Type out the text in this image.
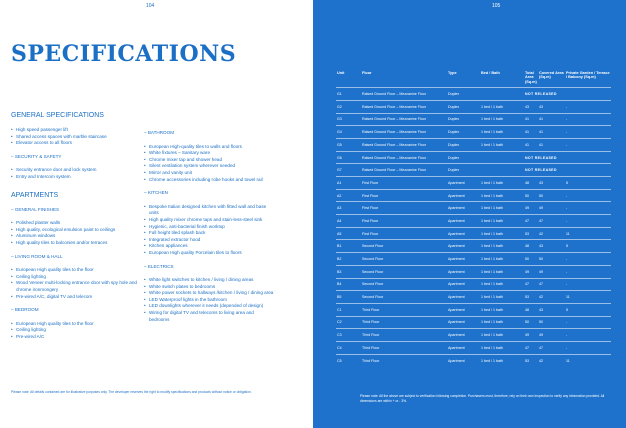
104
SPECIFICATIONS
GENERAL SPECIFICATIONS
• High speed passenger lift
• Shared access spaces with marble staircase
• Elevator access to all floors
– SECURITY & SAFETY
• Security entrance door and lock system
• Entry and Intercom system
APARTMENTS
– GENERAL FINISHES
• Polished plaster walls
• High quality, ecological emulsion paint to ceilings
• Aluminum windows
• High quality tiles to balconies and/or terraces
– LIVING ROOM & HALL
• European High quality tiles to the floor
• Ceiling lighting
• Wood Veneer multi-locking entrance door with spy hole and chrome ironmongery
• Pre-wired A/C, digital TV and telecom
– BEDROOM
• European High quality tiles to the floor
• Ceiling lighting
• Pre-wired A/C
– BATHROOM
• European High-quality tiles to walls and floors
• White fixtures – Sanitary ware
• Chrome mixer tap and shower head
• Silent ventilation system wherever needed
• Mirror and vanity unit
• Chrome accessories including robe hooks and towel rail
– KITCHEN
• Bespoke Italian designed kitchen with fitted wall and base units
• High quality mixer chrome taps and stain-less-steel sink
• Hygienic, anti-bacterial finish worktop
• Full height tiled splash back
• Integrated extractor hood
• Kitchen appliances
• European High quality Porcelain tiles to floors
– ELECTRICS
• White light switches to kitchen / living / dining areas
• White switch plates to bedrooms
• White power sockets to hallways /kitchen / living / dining area
• LED Waterproof lights in the bathroom
• LED downlights wherever it needs (depended of design)
• Wiring for digital TV and telecoms to living area and bedrooms
Please note: All details contained are for illustrative purposes only. The developer reserves the right to modify specifications and products without notice or obligation.
105
Unit	Floor	Type	Bed / Bath	Total Area (Sq.m)	Covered Area (Sq.m)	Private Garden / Terrace / Balcony (Sq.m)
G1	Raised Ground Floor – Mezzanine Floor	Duplex		NOT RELEASED		
G2	Raised Ground Floor – Mezzanine Floor	Duplex	1 bed / 1 bath	43	43	-
G3	Raised Ground Floor – Mezzanine Floor	Duplex	1 bed / 1 bath	41	41	-
G4	Raised Ground Floor – Mezzanine Floor	Duplex	1 bed / 1 bath	41	41	-
G5	Raised Ground Floor – Mezzanine Floor	Duplex	1 bed / 1 bath	41	41	-
G6	Raised Ground Floor – Mezzanine Floor	Duplex		NOT RELEASED		
G7	Raised Ground Floor – Mezzanine Floor	Duplex		NOT RELEASED		
A1	First Floor	Apartment	1 bed / 1 bath	48	43	5
A2	First Floor	Apartment	1 bed / 1 bath	50	50	-
A3	First Floor	Apartment	1 bed / 1 bath	49	49	-
A4	First Floor	Apartment	1 bed / 1 bath	47	47	-
A5	First Floor	Apartment	1 bed / 1 bath	53	42	11
B1	Second Floor	Apartment	1 bed / 1 bath	48	43	5
B2	Second Floor	Apartment	1 bed / 1 bath	50	50	-
B3	Second Floor	Apartment	1 bed / 1 bath	49	49	-
B4	Second Floor	Apartment	1 bed / 1 bath	47	47	-
B5	Second Floor	Apartment	1 bed / 1 bath	53	42	11
C1	Third Floor	Apartment	1 bed / 1 bath	48	43	5
C2	Third Floor	Apartment	1 bed / 1 bath	50	50	-
C3	Third Floor	Apartment	1 bed / 1 bath	49	49	-
C4	Third Floor	Apartment	1 bed / 1 bath	47	47	-
C5	Third Floor	Apartment	1 bed / 1 bath	53	42	11
Please note: All the above are subject to verification following completion. Purchasers must, therefore, rely on their own inspection to verify any information provided. All dimensions are within + or - 3%.
